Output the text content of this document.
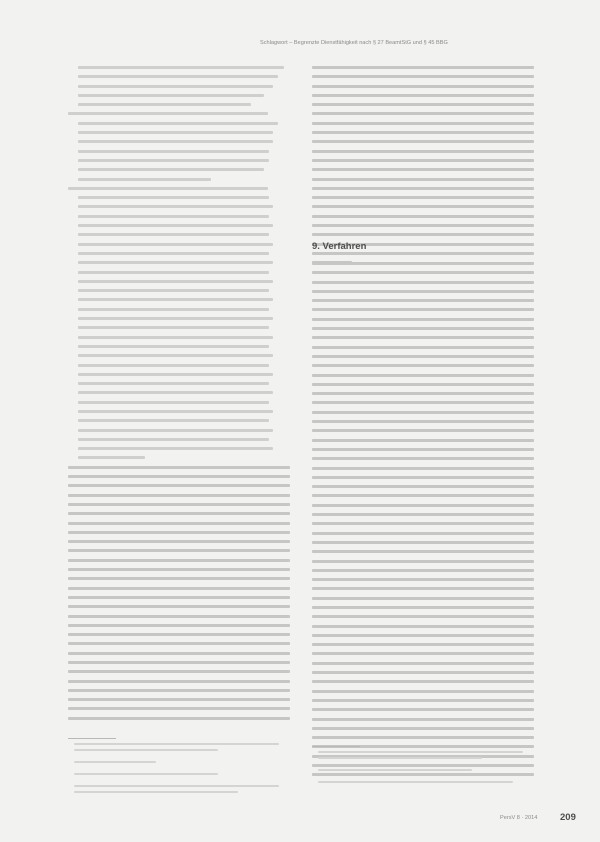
Schlagwort – Begrenzte Dienstfähigkeit nach § 27 BeamtStG und § 45 BBG
9. Verfahren
PersV 8 · 2014 209
